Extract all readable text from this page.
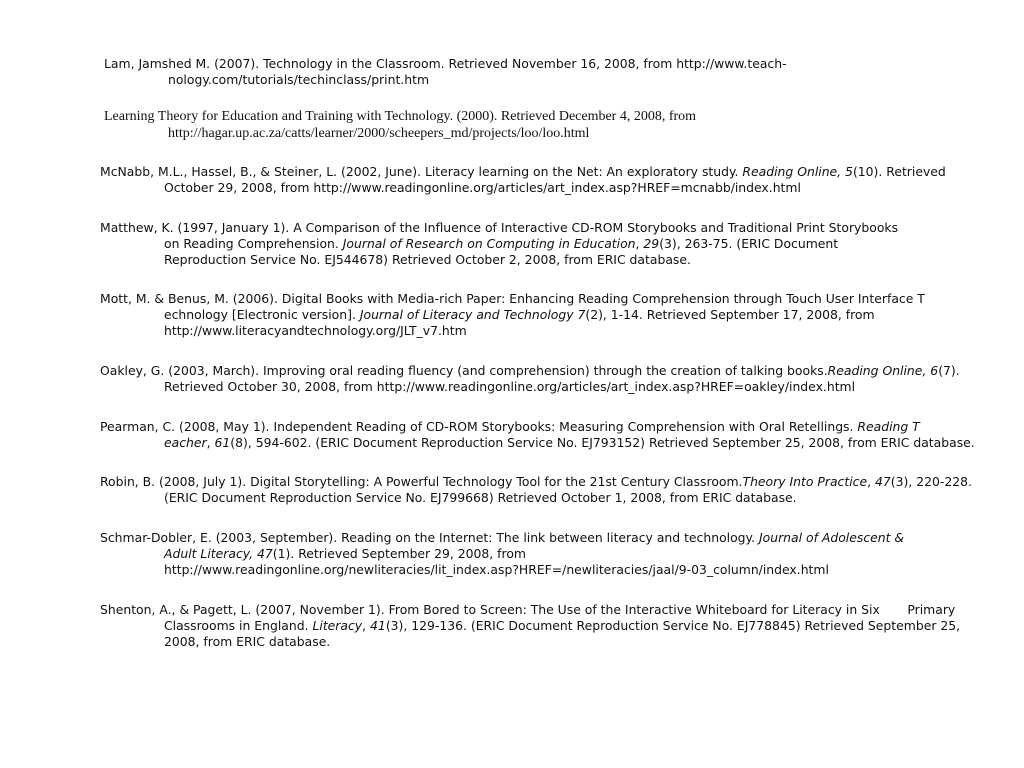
Lam, Jamshed M. (2007). Technology in the Classroom. Retrieved November 16, 2008, from http://www.teach-
nology.com/tutorials/techinclass/print.htm
Learning Theory for Education and Training with Technology. (2000). Retrieved December 4, 2008, from
http://hagar.up.ac.za/catts/learner/2000/scheepers_md/projects/loo/loo.html
McNabb, M.L., Hassel, B., & Steiner, L. (2002, June). Literacy learning on the Net: An exploratory study. Reading Online, 5(10). Retrieved
October 29, 2008, from http://www.readingonline.org/articles/art_index.asp?HREF=mcnabb/index.html
Matthew, K. (1997, January 1). A Comparison of the Influence of Interactive CD-ROM Storybooks and Traditional Print Storybooks
on Reading Comprehension. Journal of Research on Computing in Education, 29(3), 263-75. (ERIC Document
Reproduction Service No. EJ544678) Retrieved October 2, 2008, from ERIC database.
Mott, M. & Benus, M. (2006). Digital Books with Media-rich Paper: Enhancing Reading Comprehension through Touch User Interface T
echnology [Electronic version]. Journal of Literacy and Technology 7(2), 1-14. Retrieved September 17, 2008, from
http://www.literacyandtechnology.org/JLT_v7.htm
Oakley, G. (2003, March). Improving oral reading fluency (and comprehension) through the creation of talking books.Reading Online, 6(7).
Retrieved October 30, 2008, from http://www.readingonline.org/articles/art_index.asp?HREF=oakley/index.html
Pearman, C. (2008, May 1). Independent Reading of CD-ROM Storybooks: Measuring Comprehension with Oral Retellings. Reading T
eacher, 61(8), 594-602. (ERIC Document Reproduction Service No. EJ793152) Retrieved September 25, 2008, from ERIC database.
Robin, B. (2008, July 1). Digital Storytelling: A Powerful Technology Tool for the 21st Century Classroom.Theory Into Practice, 47(3), 220-228.
(ERIC Document Reproduction Service No. EJ799668) Retrieved October 1, 2008, from ERIC database.
Schmar-Dobler, E. (2003, September). Reading on the Internet: The link between literacy and technology. Journal of Adolescent &
Adult Literacy, 47(1). Retrieved September 29, 2008, from
http://www.readingonline.org/newliteracies/lit_index.asp?HREF=/newliteracies/jaal/9-03_column/index.html
Shenton, A., & Pagett, L. (2007, November 1). From Bored to Screen: The Use of the Interactive Whiteboard for Literacy in Six       Primary
Classrooms in England. Literacy, 41(3), 129-136. (ERIC Document Reproduction Service No. EJ778845) Retrieved September 25,
2008, from ERIC database.
